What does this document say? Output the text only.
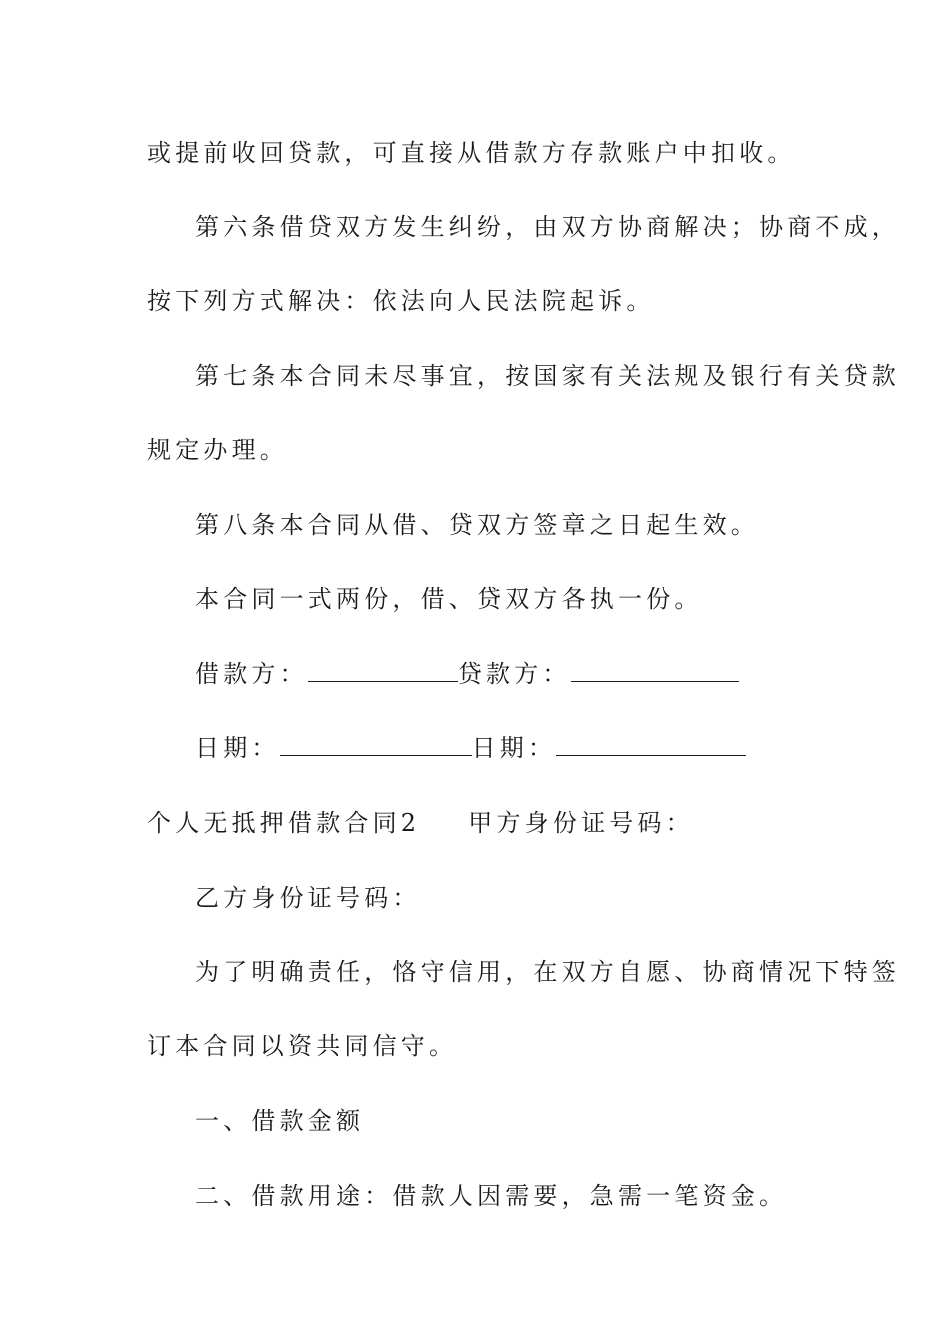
或提前收回贷款，可直接从借款方存款账户中扣收。
第六条借贷双方发生纠纷，由双方协商解决；协商不成，
按下列方式解决：依法向人民法院起诉。
第七条本合同未尽事宜，按国家有关法规及银行有关贷款
规定办理。
第八条本合同从借、贷双方签章之日起生效。
本合同一式两份，借、贷双方各执一份。
借款方：	贷款方：
日期：	日期：
个人无抵押借款合同2 甲方身份证号码：
乙方身份证号码：
为了明确责任，恪守信用，在双方自愿、协商情况下特签
订本合同以资共同信守。
一、借款金额
二、借款用途：借款人因需要，急需一笔资金。
